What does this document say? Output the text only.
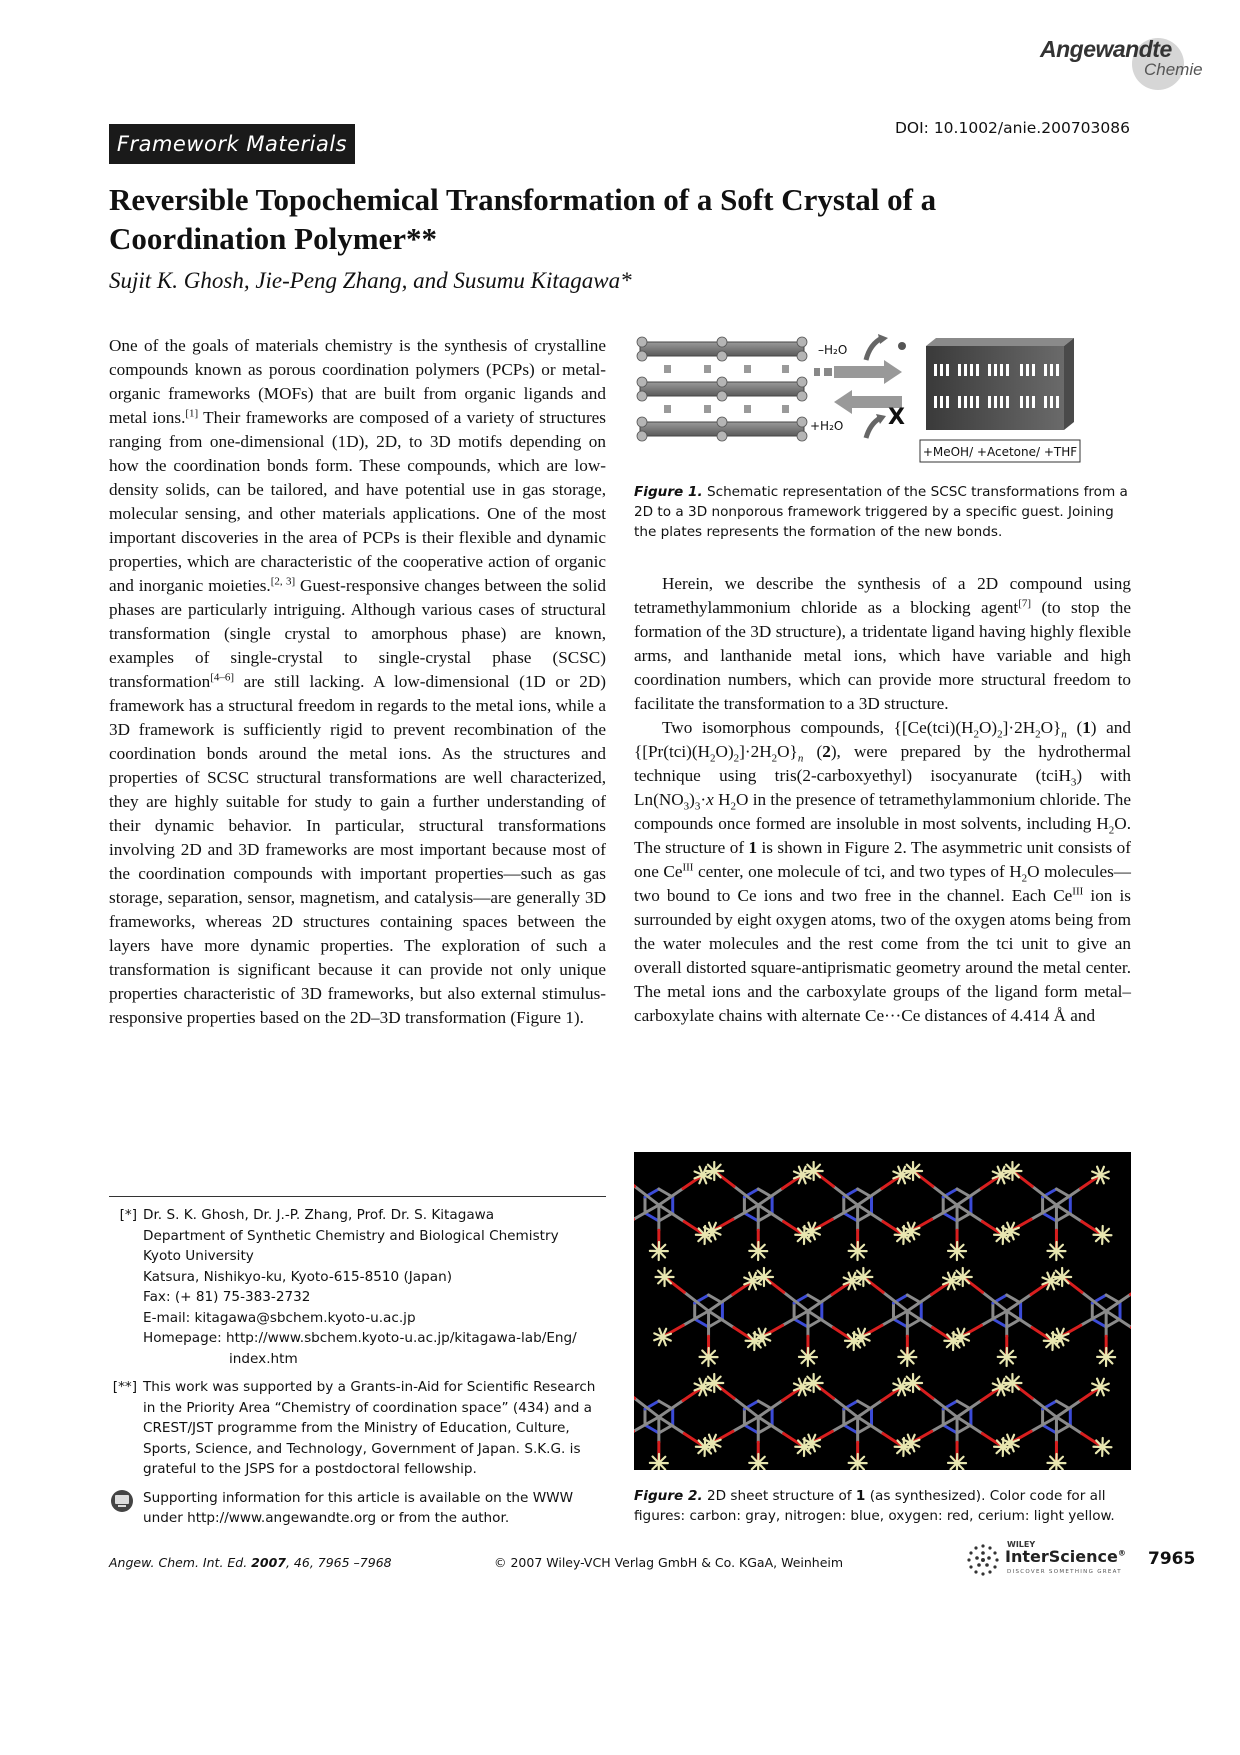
Angewandte
Chemie
Framework Materials
DOI: 10.1002/anie.200703086
Reversible Topochemical Transformation of a Soft Crystal of a Coordination Polymer**
Sujit K. Ghosh, Jie-Peng Zhang, and Susumu Kitagawa*

One of the goals of materials chemistry is the synthesis of crystalline compounds known as porous coordination polymers (PCPs) or metal-organic frameworks (MOFs) that are built from organic ligands and metal ions.[1] Their frameworks are composed of a variety of structures ranging from one-dimensional (1D), 2D, to 3D motifs depending on how the coordination bonds form. These compounds, which are low-density solids, can be tailored, and have potential use in gas storage, molecular sensing, and other materials applications. One of the most important discoveries in the area of PCPs is their flexible and dynamic properties, which are characteristic of the cooperative action of organic and inorganic moieties.[2, 3] Guest-responsive changes between the solid phases are particularly intriguing. Although various cases of structural transformation (single crystal to amorphous phase) are known, examples of single-crystal to single-crystal phase (SCSC) transformation[4–6] are still lacking. A low-dimensional (1D or 2D) framework has a structural freedom in regards to the metal ions, while a 3D framework is sufficiently rigid to prevent recombination of the coordination bonds around the metal ions. As the structures and properties of SCSC structural transformations are well characterized, they are highly suitable for study to gain a further understanding of their dynamic behavior. In particular, structural transformations involving 2D and 3D frameworks are most important because most of the coordination compounds with important properties—such as gas storage, separation, sensor, magnetism, and catalysis—are generally 3D frameworks, whereas 2D structures containing spaces between the layers have more dynamic properties. The exploration of such a transformation is significant because it can provide not only unique properties characteristic of 3D frameworks, but also external stimulus-responsive properties based on the 2D–3D transformation (Figure 1).

–H₂O
+H₂O X
+MeOH/ +Acetone/ +THF
Figure 1. Schematic representation of the SCSC transformations from a 2D to a 3D nonporous framework triggered by a specific guest. Joining the plates represents the formation of the new bonds.

Herein, we describe the synthesis of a 2D compound using tetramethylammonium chloride as a blocking agent[7] (to stop the formation of the 3D structure), a tridentate ligand having highly flexible arms, and lanthanide metal ions, which have variable and high coordination numbers, which can provide more structural freedom to facilitate the transformation to a 3D structure.

Two isomorphous compounds, $\{[Ce(tci)(H_2O)_2]\cdot 2H_2O\}_n$ (1) and $\{[Pr(tci)(H_2O)_2]\cdot 2H_2O\}_n$ (2), were prepared by the hydrothermal technique using tris(2-carboxyethyl) isocyanurate (tciH$_3$) with $Ln(NO_3)_3\cdot x$ $H_2O$ in the presence of tetramethylammonium chloride. The compounds once formed are insoluble in most solvents, including $H_2O$. The structure of 1 is shown in Figure 2. The asymmetric unit consists of one $Ce^{III}$ center, one molecule of tci, and two types of $H_2O$ molecules—two bound to Ce ions and two free in the channel. Each $Ce^{III}$ ion is surrounded by eight oxygen atoms, two of the oxygen atoms being from the water molecules and the rest come from the tci unit to give an overall distorted square-antiprismatic geometry around the metal center. The metal ions and the carboxylate groups of the ligand form metal–carboxylate chains with alternate Ce···Ce distances of 4.414 Å and

Figure 2. 2D sheet structure of 1 (as synthesized). Color code for all figures: carbon: gray, nitrogen: blue, oxygen: red, cerium: light yellow.
[*] Dr. S. K. Ghosh, Dr. J.-P. Zhang, Prof. Dr. S. Kitagawa
Department of Synthetic Chemistry and Biological Chemistry
Kyoto University
Katsura, Nishikyo-ku, Kyoto-615-8510 (Japan)
Fax: (+ 81) 75-383-2732
E-mail: kitagawa@sbchem.kyoto-u.ac.jp
Homepage: http://www.sbchem.kyoto-u.ac.jp/kitagawa-lab/Eng/
index.htm
[**] This work was supported by a Grants-in-Aid for Scientific Research in the Priority Area “Chemistry of coordination space” (434) and a CREST/JST programme from the Ministry of Education, Culture, Sports, Science, and Technology, Government of Japan. S.K.G. is grateful to the JSPS for a postdoctoral fellowship.
Supporting information for this article is available on the WWW under http://www.angewandte.org or from the author.
Angew. Chem. Int. Ed. 2007, 46, 7965 –7968	© 2007 Wiley-VCH Verlag GmbH & Co. KGaA, Weinheim
WILEY
InterScience®
DISCOVER SOMETHING GREAT
7965
